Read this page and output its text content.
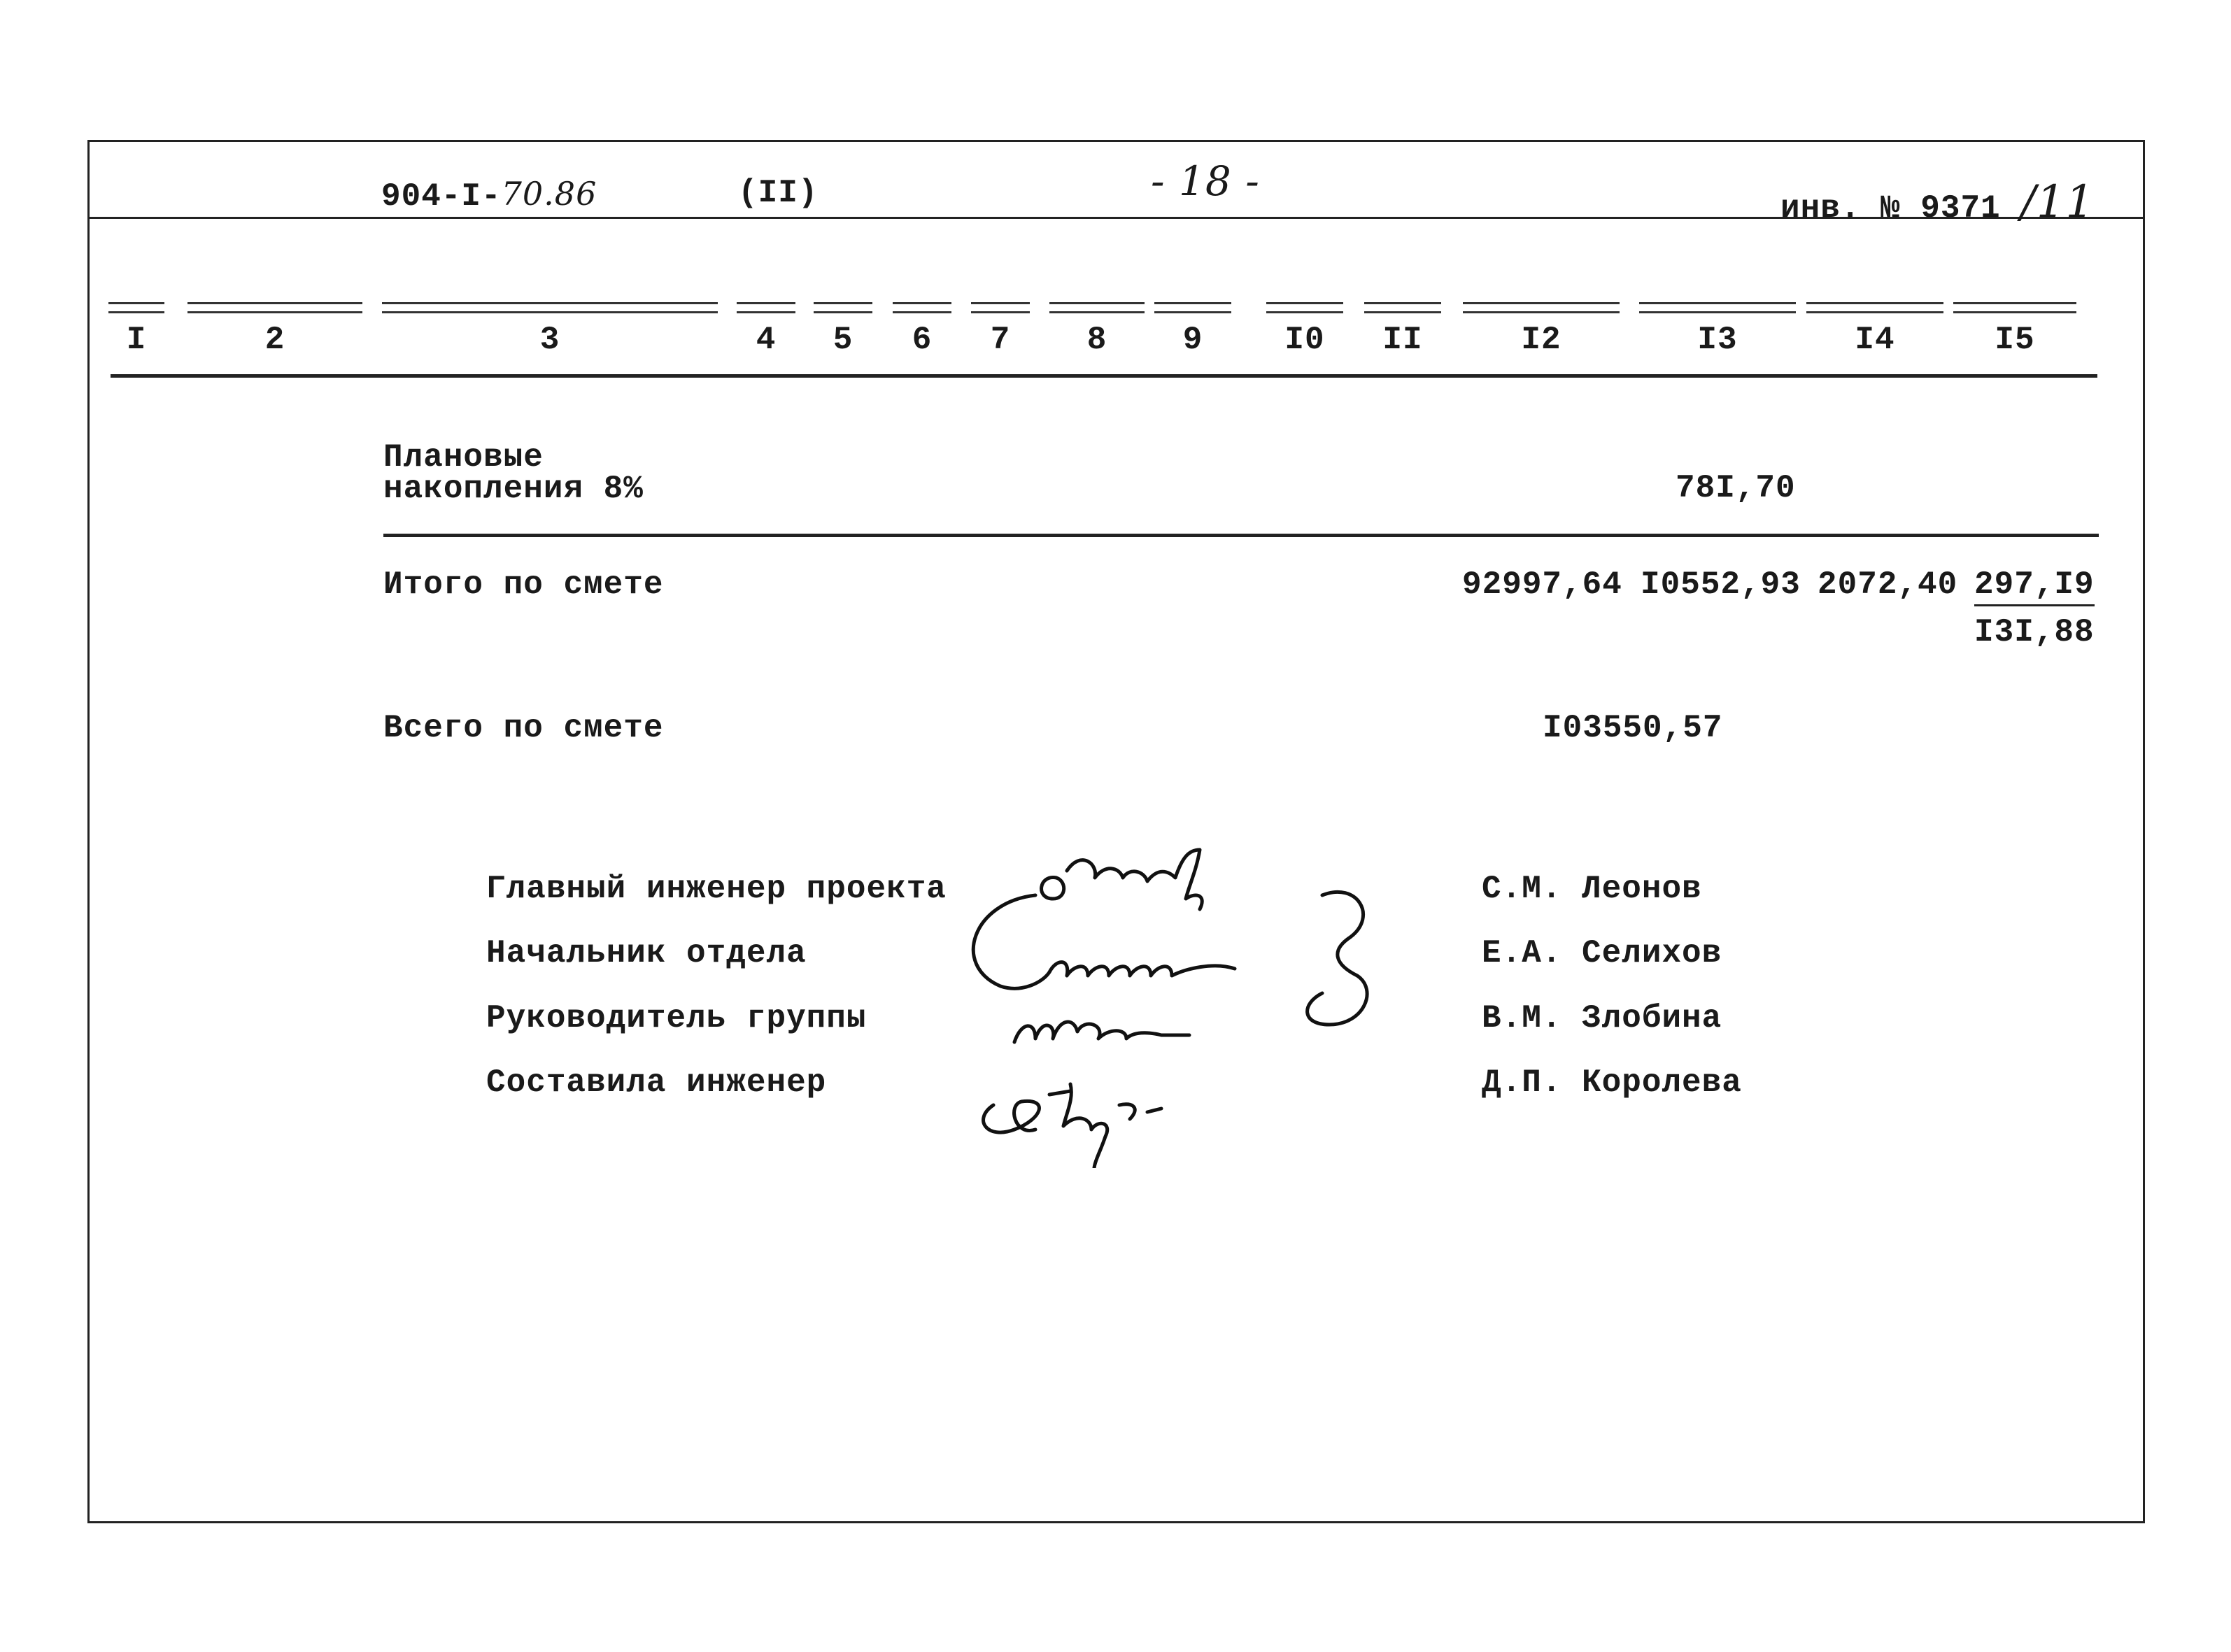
904-I-70.86	(II)	- 18 -
инв. № 9371 /11
I	2	3	4	5	6	7	8	9	I0	II	I2	I3	I4	I5
Плановые
накопления 8%	78I,70
Итого по смете	92997,64 I0552,93 2072,40 297,I9
I3I,88
Всего по смете	I03550,57
Главный инженер проекта	С.М. Леонов
Начальник отдела	Е.А. Селихов
Руководитель группы	В.М. Злобина
Составила инженер	Д.П. Королева
